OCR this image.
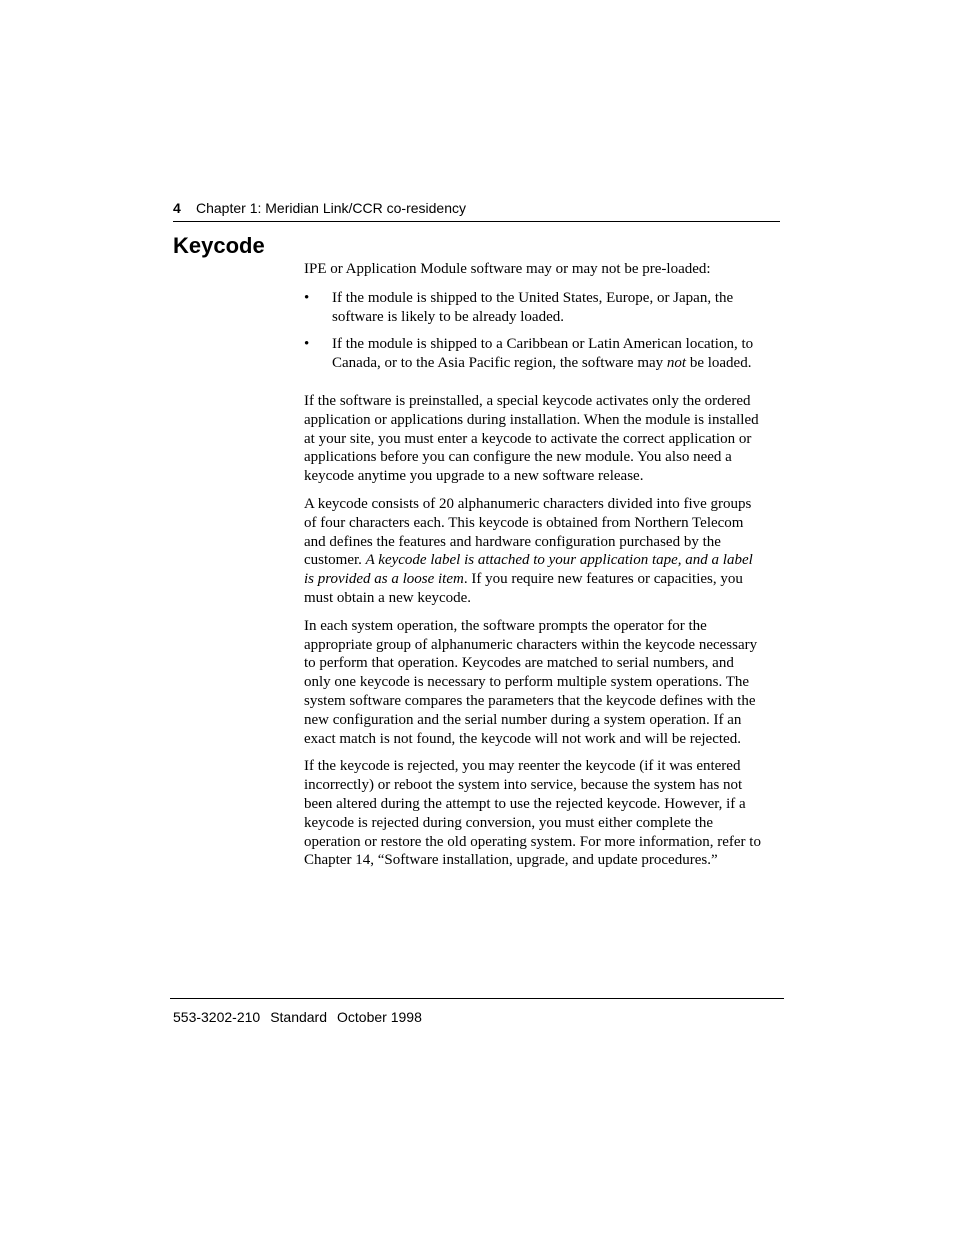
4 Chapter 1: Meridian Link/CCR co-residency
Keycode

IPE or Application Module software may or may not be pre-loaded:

• If the module is shipped to the United States, Europe, or Japan, the
software is likely to be already loaded.
• If the module is shipped to a Caribbean or Latin American location, to
Canada, or to the Asia Pacific region, the software may not be loaded.
If the software is preinstalled, a special keycode activates only the ordered
application or applications during installation. When the module is installed
at your site, you must enter a keycode to activate the correct application or
applications before you can configure the new module. You also need a
keycode anytime you upgrade to a new software release.
A keycode consists of 20 alphanumeric characters divided into five groups
of four characters each. This keycode is obtained from Northern Telecom
and defines the features and hardware configuration purchased by the
customer. A keycode label is attached to your application tape, and a label
is provided as a loose item. If you require new features or capacities, you
must obtain a new keycode.
In each system operation, the software prompts the operator for the
appropriate group of alphanumeric characters within the keycode necessary
to perform that operation. Keycodes are matched to serial numbers, and
only one keycode is necessary to perform multiple system operations. The
system software compares the parameters that the keycode defines with the
new configuration and the serial number during a system operation. If an
exact match is not found, the keycode will not work and will be rejected.
If the keycode is rejected, you may reenter the keycode (if it was entered
incorrectly) or reboot the system into service, because the system has not
been altered during the attempt to use the rejected keycode. However, if a
keycode is rejected during conversion, you must either complete the
operation or restore the old operating system. For more information, refer to
Chapter 14, “Software installation, upgrade, and update procedures.”
553-3202-210 Standard October 1998
